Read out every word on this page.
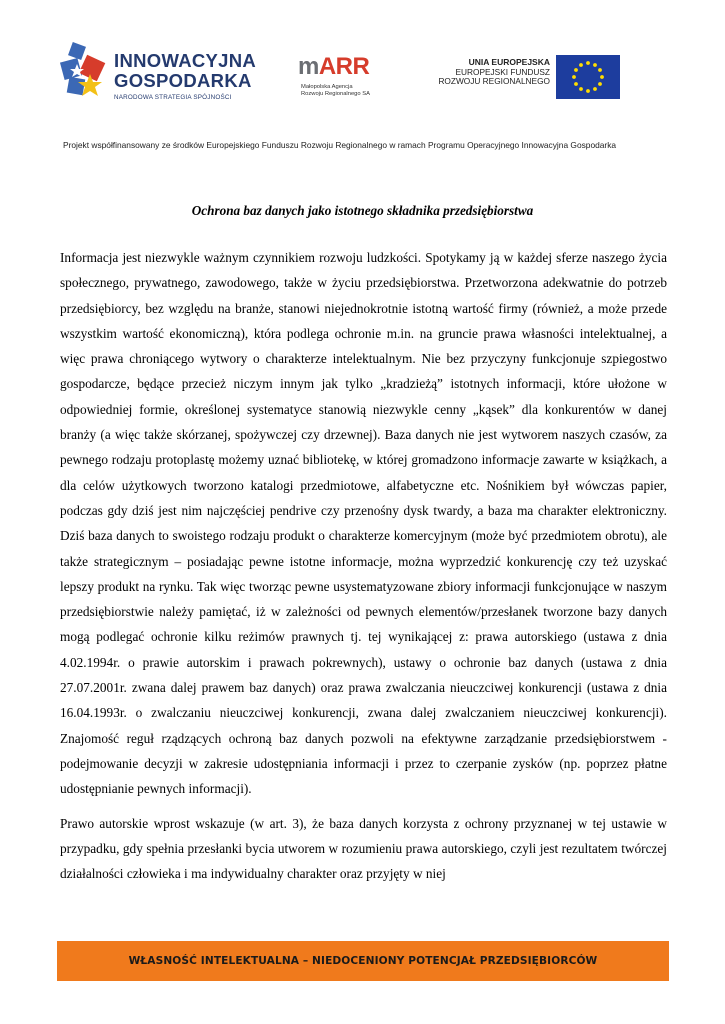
INNOWACYJNA
GOSPODARKA
NARODOWA STRATEGIA SPÓJNOŚCI
mARR
Małopolska Agencja
Rozwoju Regionalnego SA
UNIA EUROPEJSKA
EUROPEJSKI FUNDUSZ
ROZWOJU REGIONALNEGO
Projekt współfinansowany ze środków Europejskiego Funduszu Rozwoju Regionalnego w ramach Programu Operacyjnego Innowacyjna Gospodarka
Ochrona baz danych jako istotnego składnika przedsiębiorstwa

Informacja jest niezwykle ważnym czynnikiem rozwoju ludzkości. Spotykamy ją w każdej sferze naszego życia społecznego, prywatnego, zawodowego, także w życiu przedsiębiorstwa. Przetworzona adekwatnie do potrzeb przedsiębiorcy, bez względu na branże, stanowi niejednokrotnie istotną wartość firmy (również, a może przede wszystkim wartość ekonomiczną), która podlega ochronie m.in. na gruncie prawa własności intelektualnej, a więc prawa chroniącego wytwory o charakterze intelektualnym. Nie bez przyczyny funkcjonuje szpiegostwo gospodarcze, będące przecież niczym innym jak tylko „kradzieżą” istotnych informacji, które ułożone w odpowiedniej formie, określonej systematyce stanowią niezwykle cenny „kąsek” dla konkurentów w danej branży (a więc także skórzanej, spożywczej czy drzewnej). Baza danych nie jest wytworem naszych czasów, za pewnego rodzaju protoplastę możemy uznać bibliotekę, w której gromadzono informacje zawarte w książkach, a dla celów użytkowych tworzono katalogi przedmiotowe, alfabetyczne etc. Nośnikiem był wówczas papier, podczas gdy dziś jest nim najczęściej pendrive czy przenośny dysk twardy, a baza ma charakter elektroniczny. Dziś baza danych to swoistego rodzaju produkt o charakterze komercyjnym (może być przedmiotem obrotu), ale także strategicznym – posiadając pewne istotne informacje, można wyprzedzić konkurencję czy też uzyskać lepszy produkt na rynku. Tak więc tworząc pewne usystematyzowane zbiory informacji funkcjonujące w naszym przedsiębiorstwie należy pamiętać, iż w zależności od pewnych elementów/przesłanek tworzone bazy danych mogą podlegać ochronie kilku reżimów prawnych tj. tej wynikającej z: prawa autorskiego (ustawa z dnia 4.02.1994r. o prawie autorskim i prawach pokrewnych), ustawy o ochronie baz danych (ustawa z dnia 27.07.2001r. zwana dalej prawem baz danych) oraz prawa zwalczania nieuczciwej konkurencji (ustawa z dnia 16.04.1993r. o zwalczaniu nieuczciwej konkurencji, zwana dalej zwalczaniem nieuczciwej konkurencji). Znajomość reguł rządzących ochroną baz danych pozwoli na efektywne zarządzanie przedsiębiorstwem - podejmowanie decyzji w zakresie udostępniania informacji i przez to czerpanie zysków (np. poprzez płatne udostępnianie pewnych informacji).

Prawo autorskie wprost wskazuje (w art. 3), że baza danych korzysta z ochrony przyznanej w tej ustawie w przypadku, gdy spełnia przesłanki bycia utworem w rozumieniu prawa autorskiego, czyli jest rezultatem twórczej działalności człowieka i ma indywidualny charakter oraz przyjęty w niej

WŁASNOŚĆ INTELEKTUALNA – NIEDOCENIONY POTENCJAŁ PRZEDSIĘBIORCÓW
